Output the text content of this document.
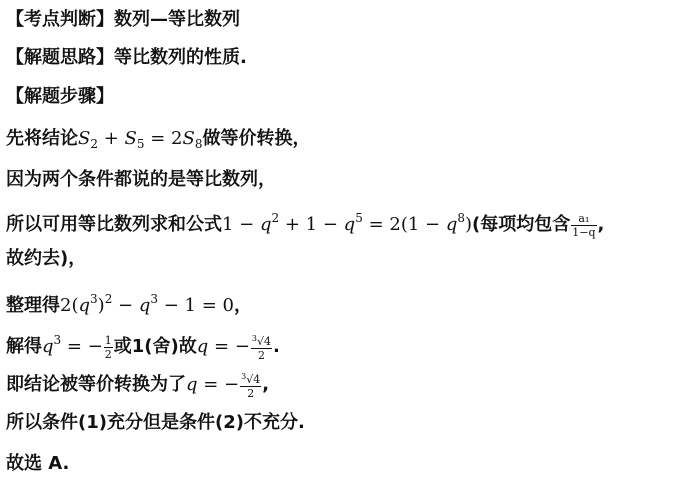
【考点判断】数列—等比数列
【解题思路】等比数列的性质.
【解题步骤】
先将结论$S_2 + S_5 = 2S_8$做等价转换，
因为两个条件都说的是等比数列，
所以可用等比数列求和公式$1 - q^2 + 1 - q^5 = 2(1 - q^8)$(每项均包含 $\frac{\text{a₁}}{1-q}$ ,
故约去)，
整理得$2(q^3)^2 - q^3 - 1 = 0$，
解得$q^3$ = − $\frac{1}{2}$ 或1(舍)故q = − $\frac{^3√4}{2}$ .
即结论被等价转换为了q = − $\frac{^3√4}{2}$ ,
所以条件(1)充分但是条件(2)不充分.
故选 A.
